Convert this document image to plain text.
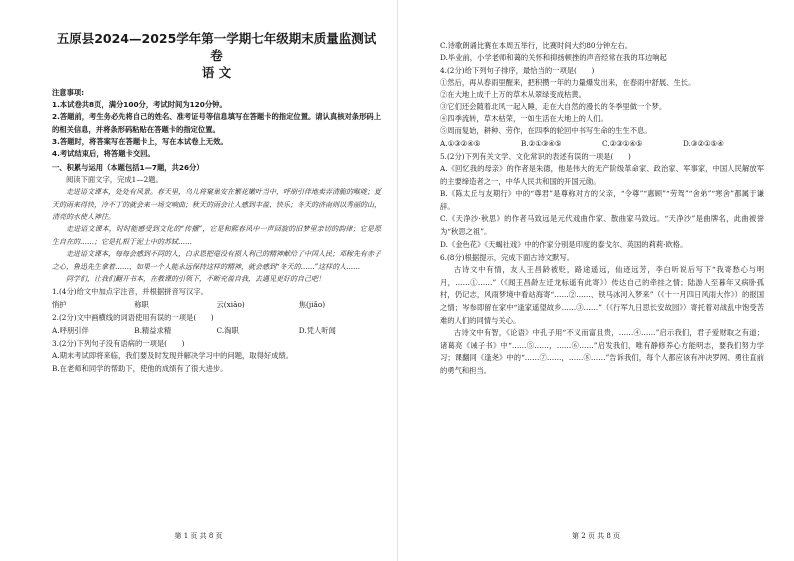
五原县2024—2025学年第一学期七年级期末质量监测试卷
语 文
注意事项:
1.本试卷共8页，满分100分，考试时间为120分钟。
2.答题前，考生务必先将自己的姓名、准考证号等信息填写在答题卡的指定位置。请认真核对条形码上的相关信息，并将条形码粘贴在答题卡的指定位置。
3.答题时，将答案写在答题卡上，写在本试卷上无效。
4.考试结束后，将答题卡交回。
一、积累与运用（本题包括1—7题，共26分）
阅读下面文字，完成1—2题。
走进语文课本，处处有风景。春天里，乌儿将窠巢安在繁花嫩叶当中，呼朋引伴地卖弄清脆的喉咙；夏天的雨来得快，冷不丁的就会来一场交响曲；秋天的雨会让人感到丰盈、快乐；冬天的济南则以秀丽的山，清亮的水使人神往。
走进语文课本，时时能感受到文化的“传播”，它是和熙春风中一声回旋的旧梦里亲切的韵律；它是原生自在的……；它是扎根于泥土中的苏轼……
走进语文课本，每每会感到不同的人，白求恩把毫没有损人利己的精神献给了中国人民；邓稼先有赤子之心，鲁迅先生拿着……，如果一个人能永远保持这样的精神，就会感到“冬天的……”这样的人……
同学们，让我们翻开书本，在教课的引领下，不断充盈自我，去遇见更好的自己吧！
1.(4分)给文中加点字注音，并根据拼音写汉字。
悄护	称职	云(xiāo)	焦(jiǎo)
2.(2分)文中画横线的词语使用有误的一项是(　　)
A.呼朋引伴	B.精益求精	C.淘职	D.凭人听闻
3.(2分)下列句子没有语病的一项是(　　)
A.期末考试即将来临，我们要及时发现并解决学习中的问题，取得好成绩。
B.在老师和同学的帮助下，使他的成绩有了很大进步。
第 1 页 共 8 页
C.诗歌朗诵比赛在本周五举行，比赛时间大约80分钟左右。
D.毕业前，小学老师和蔼的关怀和抑扬顿挫的声音经常在我的耳边响起
4.(2分)给下列句子排序，最恰当的一项是(　　)
①然后，再从春雨里醒来，把积攒一年的力量爆发出来，在春雨中舒展、生长。
②在大地上成千上万的草木从翠绿变成枯黄。
③它们还会随着北风一起入睡，走在大自然的漫长的冬季里做一个梦。
④四季流转，草木枯荣，一如生活在大地上的人们。
⑤周而复始，耕种、劳作，在四季的轮回中书写生命的生生不息。
A.①③②④⑤	B.②①③④⑤	C.②③①④⑤	D.③②①⑤④
5.(2分)下列有关文学、文化常识的表述有误的一项是(　　)
A.《回忆我的母亲》的作者是朱德，他是伟大的无产阶级革命家、政治家、军事家，中国人民解放军的主要缔造者之一，中华人民共和国的开国元勋。
B.《陈太丘与友期行》中的“尊君”是尊称对方的父亲，“令尊”“惠顾”“劳驾”“舍弟”“寒舍”都属于谦辞。
C.《天净沙·秋思》的作者马致远是元代戏曲作家、散曲家马致远。“天净沙”是曲牌名，此曲被誉为“秋思之祖”。
D.《金色花》《天蝎社戏》中的作家分别是印度的泰戈尔、英国的莉莉·欧格。
6.(8分)根据提示，完成下面古诗文默写。
古诗文中有情，友人王昌龄被贬，路途遥远，仙迹远芳，李白听说后写下“我寄愁心与明月，……①……”（《闻王昌龄左迁龙标遥有此寄》）传达自己的牵挂之情；陆游人至暮年又病卧孤村，仍记志，风雨梦境中看站海寄“……②……、铁马冰河入梦来”（《十一月四日风雨大作》）的报国之情；岑参即留在家中“逢家遥望故乡……③……”（《行军九日思长安故园》）寄托着对战乱中饱受苦难的人们的同情与关心。
古诗文中有智，《论语》中孔子用“不义而富且贵，……④……”启示我们，君子爱财取之有道；诸葛亮《诫子书》中“……⑤……，……⑥……”启发我们，唯有静修养心方能明志，要我们努力学习；课翻同《逢尧》中的“……⑦……，……⑧……”告诉我们，每个人都应该有冲决罗网、勇往直前的勇气和担当。
第 2 页 共 8 页
